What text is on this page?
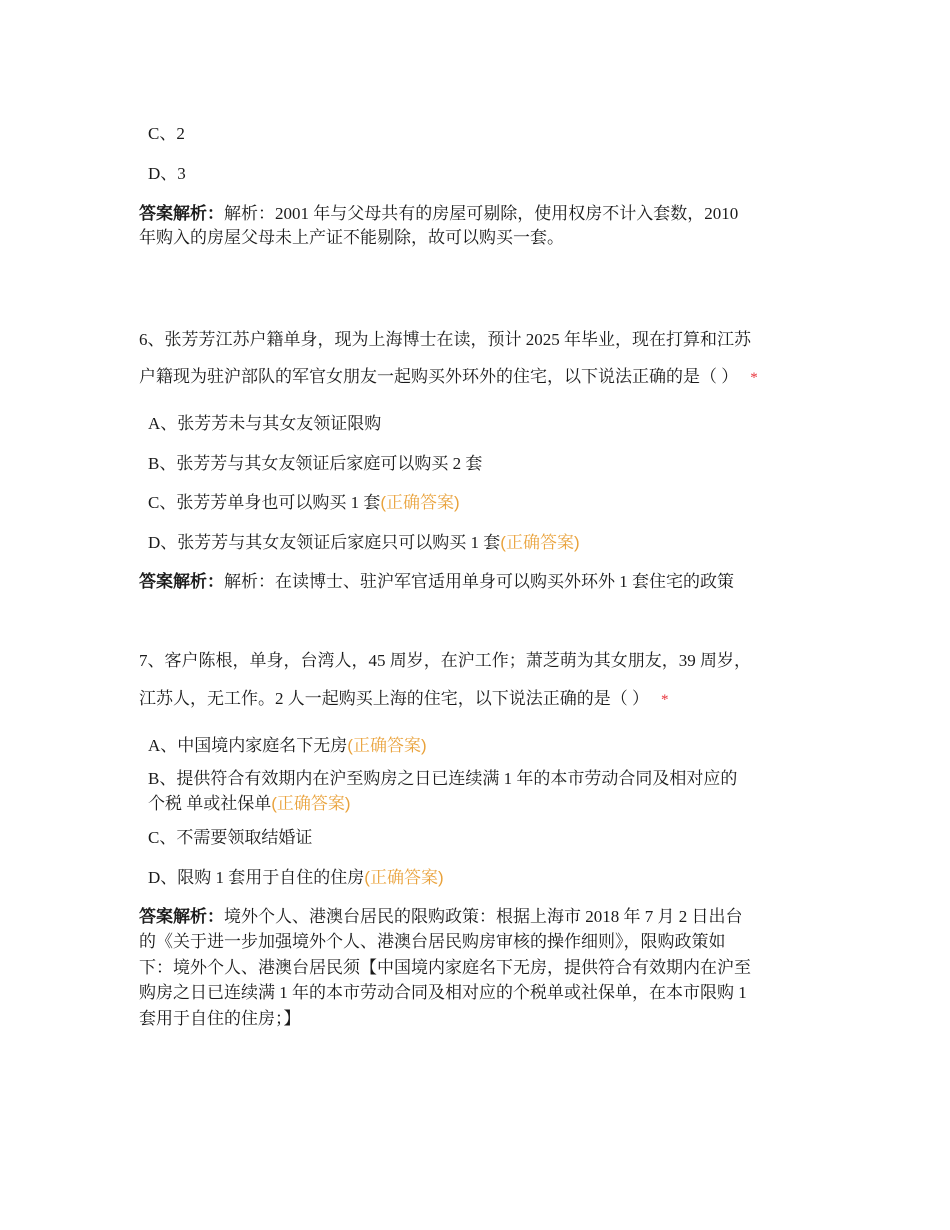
C、2
D、3
答案解析：解析：2001 年与父母共有的房屋可剔除，使用权房不计入套数，2010
年购入的房屋父母未上产证不能剔除，故可以购买一套。
6、张芳芳江苏户籍单身，现为上海博士在读，预计 2025 年毕业，现在打算和江苏
户籍现为驻沪部队的军官女朋友一起购买外环外的住宅，以下说法正确的是（ ） *
A、张芳芳未与其女友领证限购
B、张芳芳与其女友领证后家庭可以购买 2 套
C、张芳芳单身也可以购买 1 套(正确答案)
D、张芳芳与其女友领证后家庭只可以购买 1 套(正确答案)
答案解析：解析：在读博士、驻沪军官适用单身可以购买外环外 1 套住宅的政策
7、客户陈根，单身，台湾人，45 周岁，在沪工作；萧芝萌为其女朋友，39 周岁，
江苏人，无工作。2 人一起购买上海的住宅，以下说法正确的是（ ） *
A、中国境内家庭名下无房(正确答案)
B、提供符合有效期内在沪至购房之日已连续满 1 年的本市劳动合同及相对应的
个税 单或社保单(正确答案)
C、不需要领取结婚证
D、限购 1 套用于自住的住房(正确答案)
答案解析：境外个人、港澳台居民的限购政策：根据上海市 2018 年 7 月 2 日出台
的《关于进一步加强境外个人、港澳台居民购房审核的操作细则》，限购政策如
下：境外个人、港澳台居民须【中国境内家庭名下无房，提供符合有效期内在沪至
购房之日已连续满 1 年的本市劳动合同及相对应的个税单或社保单，在本市限购 1
套用于自住的住房；】
